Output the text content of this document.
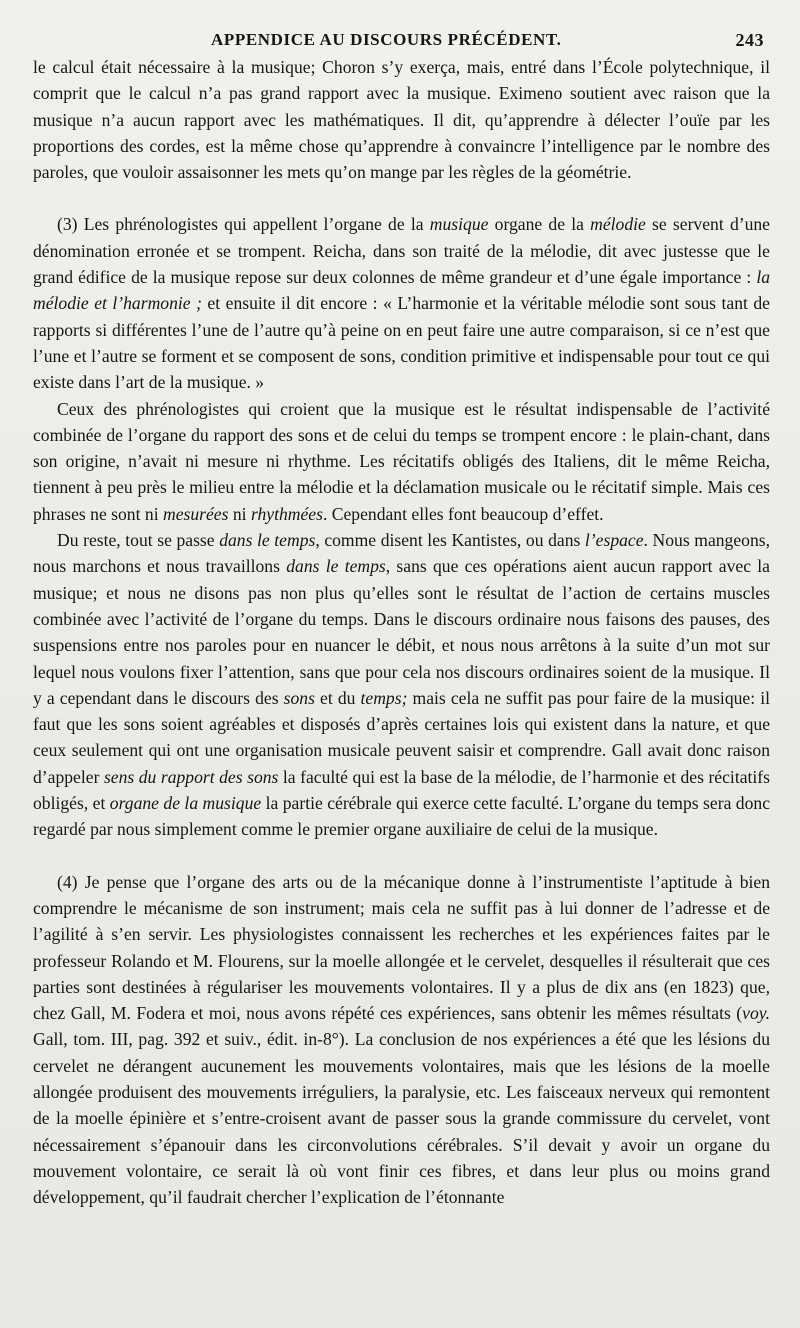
APPENDICE AU DISCOURS PRÉCÉDENT.	243

le calcul était nécessaire à la musique; Choron s’y exerça, mais, entré dans l’École polytechnique, il comprit que le calcul n’a pas grand rapport avec la musique. Eximeno soutient avec raison que la musique n’a aucun rapport avec les mathématiques. Il dit, qu’apprendre à délecter l’ouïe par les proportions des cordes, est la même chose qu’apprendre à convaincre l’intelligence par le nombre des paroles, que vouloir assaisonner les mets qu’on mange par les règles de la géométrie.

(3) Les phrénologistes qui appellent l’organe de la musique organe de la mélodie se servent d’une dénomination erronée et se trompent. Reicha, dans son traité de la mélodie, dit avec justesse que le grand édifice de la musique repose sur deux colonnes de même grandeur et d’une égale importance : la mélodie et l’harmonie ; et ensuite il dit encore : « L’harmonie et la véritable mélodie sont sous tant de rapports si différentes l’une de l’autre qu’à peine on en peut faire une autre comparaison, si ce n’est que l’une et l’autre se forment et se composent de sons, condition primitive et indispensable pour tout ce qui existe dans l’art de la musique. »

Ceux des phrénologistes qui croient que la musique est le résultat indispensable de l’activité combinée de l’organe du rapport des sons et de celui du temps se trompent encore : le plain-chant, dans son origine, n’avait ni mesure ni rhythme. Les récitatifs obligés des Italiens, dit le même Reicha, tiennent à peu près le milieu entre la mélodie et la déclamation musicale ou le récitatif simple. Mais ces phrases ne sont ni mesurées ni rhythmées. Cependant elles font beaucoup d’effet.

Du reste, tout se passe dans le temps, comme disent les Kantistes, ou dans l’espace. Nous mangeons, nous marchons et nous travaillons dans le temps, sans que ces opérations aient aucun rapport avec la musique; et nous ne disons pas non plus qu’elles sont le résultat de l’action de certains muscles combinée avec l’activité de l’organe du temps. Dans le discours ordinaire nous faisons des pauses, des suspensions entre nos paroles pour en nuancer le débit, et nous nous arrêtons à la suite d’un mot sur lequel nous voulons fixer l’attention, sans que pour cela nos discours ordinaires soient de la musique. Il y a cependant dans le discours des sons et du temps; mais cela ne suffit pas pour faire de la musique: il faut que les sons soient agréables et disposés d’après certaines lois qui existent dans la nature, et que ceux seulement qui ont une organisation musicale peuvent saisir et comprendre. Gall avait donc raison d’appeler sens du rapport des sons la faculté qui est la base de la mélodie, de l’harmonie et des récitatifs obligés, et organe de la musique la partie cérébrale qui exerce cette faculté. L’organe du temps sera donc regardé par nous simplement comme le premier organe auxiliaire de celui de la musique.

(4) Je pense que l’organe des arts ou de la mécanique donne à l’instrumentiste l’aptitude à bien comprendre le mécanisme de son instrument; mais cela ne suffit pas à lui donner de l’adresse et de l’agilité à s’en servir. Les physiologistes connaissent les recherches et les expériences faites par le professeur Rolando et M. Flourens, sur la moelle allongée et le cervelet, desquelles il résulterait que ces parties sont destinées à régulariser les mouvements volontaires. Il y a plus de dix ans (en 1823) que, chez Gall, M. Fodera et moi, nous avons répété ces expériences, sans obtenir les mêmes résultats (voy. Gall, tom. III, pag. 392 et suiv., édit. in-8°). La conclusion de nos expériences a été que les lésions du cervelet ne dérangent aucunement les mouvements volontaires, mais que les lésions de la moelle allongée produisent des mouvements irréguliers, la paralysie, etc. Les faisceaux nerveux qui remontent de la moelle épinière et s’entre-croisent avant de passer sous la grande commissure du cervelet, vont nécessairement s’épanouir dans les circonvolutions cérébrales. S’il devait y avoir un organe du mouvement volontaire, ce serait là où vont finir ces fibres, et dans leur plus ou moins grand développement, qu’il faudrait chercher l’explication de l’étonnante
